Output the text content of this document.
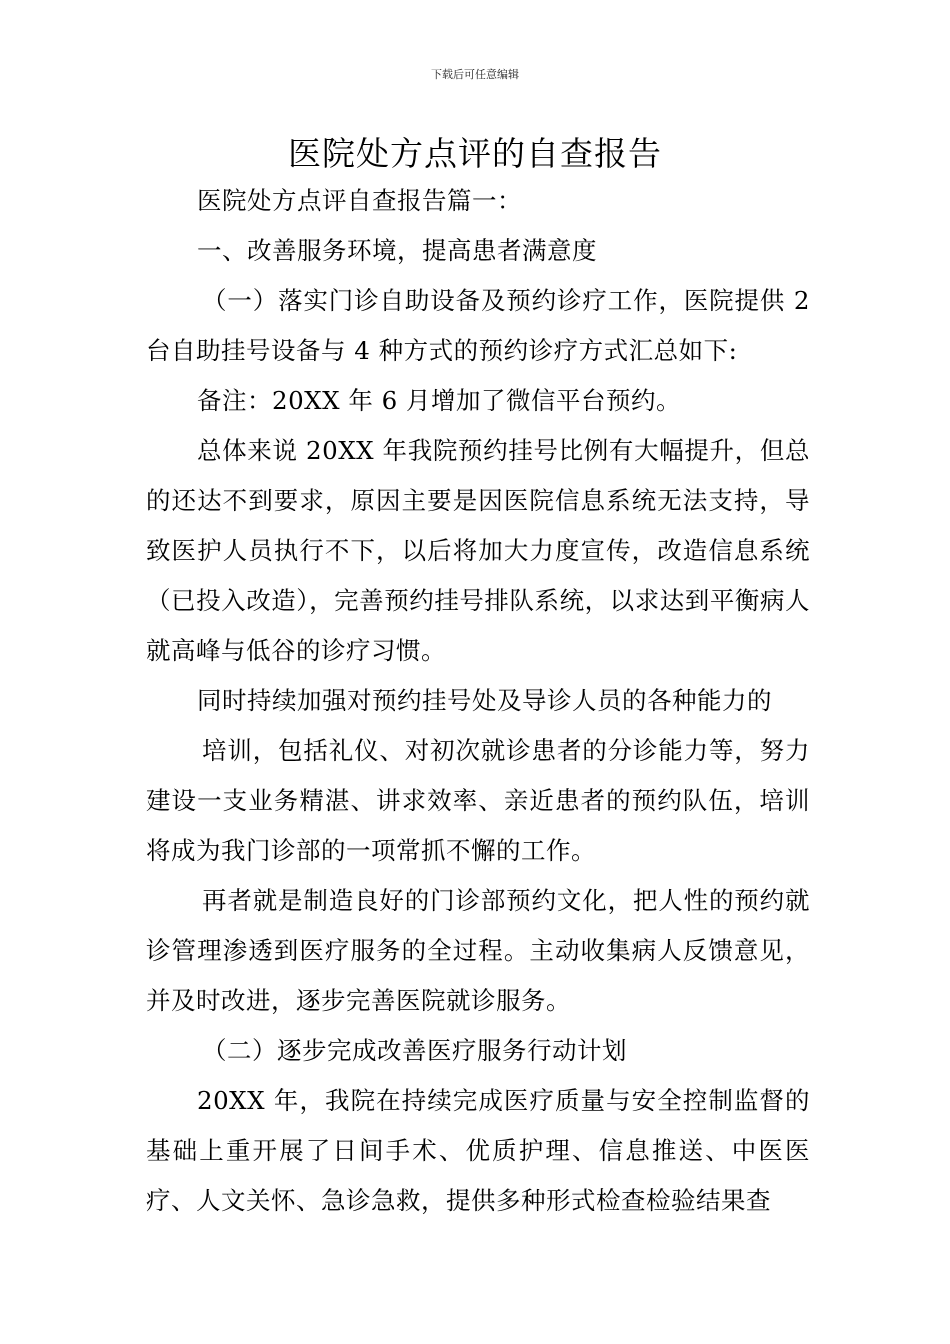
下载后可任意编辑
医院处方点评的自查报告

医院处方点评自查报告篇一：

一、改善服务环境，提高患者满意度

（一）落实门诊自助设备及预约诊疗工作，医院提供 2 台自助挂号设备与 4 种方式的预约诊疗方式汇总如下:

备注：20XX 年 6 月增加了微信平台预约。

总体来说 20XX 年我院预约挂号比例有大幅提升，但总的还达不到要求，原因主要是因医院信息系统无法支持，导致医护人员执行不下，以后将加大力度宣传，改造信息系统（已投入改造），完善预约挂号排队系统，以求达到平衡病人就高峰与低谷的诊疗习惯。

同时持续加强对预约挂号处及导诊人员的各种能力的

培训，包括礼仪、对初次就诊患者的分诊能力等，努力建设一支业务精湛、讲求效率、亲近患者的预约队伍，培训将成为我门诊部的一项常抓不懈的工作。

再者就是制造良好的门诊部预约文化，把人性的预约就诊管理渗透到医疗服务的全过程。主动收集病人反馈意见，并及时改进，逐步完善医院就诊服务。

（二）逐步完成改善医疗服务行动计划

20XX 年，我院在持续完成医疗质量与安全控制监督的基础上重开展了日间手术、优质护理、信息推送、中医医疗、人文关怀、急诊急救，提供多种形式检查检验结果查
